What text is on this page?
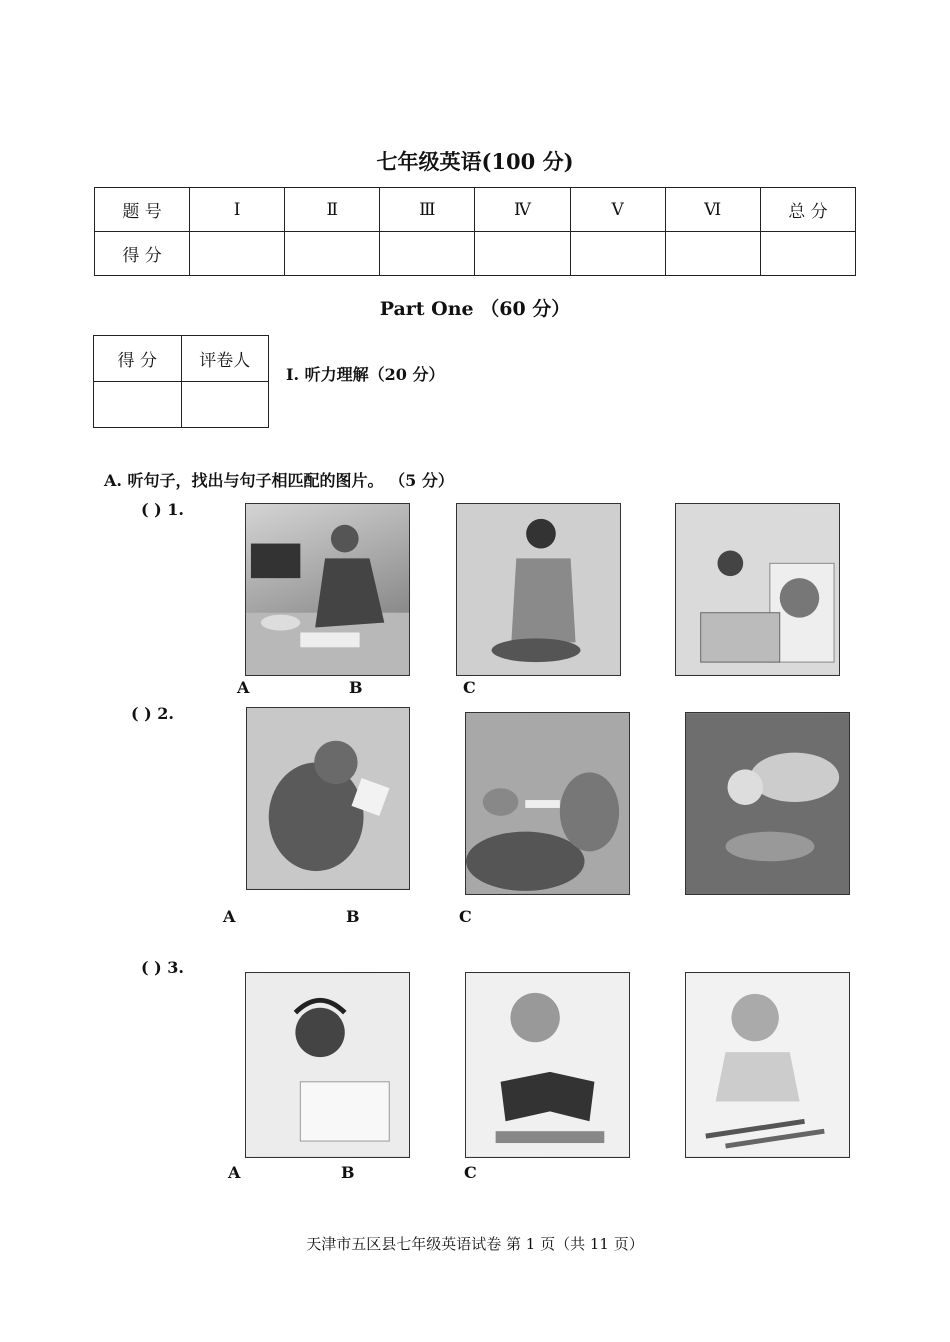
七年级英语(100 分)
题 号	Ⅰ	Ⅱ	Ⅲ	Ⅳ	Ⅴ	Ⅵ	总 分
得 分							
Part One （60 分）
得 分	评卷人

I. 听力理解（20 分）
A. 听句子，找出与句子相匹配的图片。 （5 分）
( ) 1.
A	B	C
( ) 2.
A	B	C
( ) 3.
A	B	C
天津市五区县七年级英语试卷 第 1 页（共 11 页）
